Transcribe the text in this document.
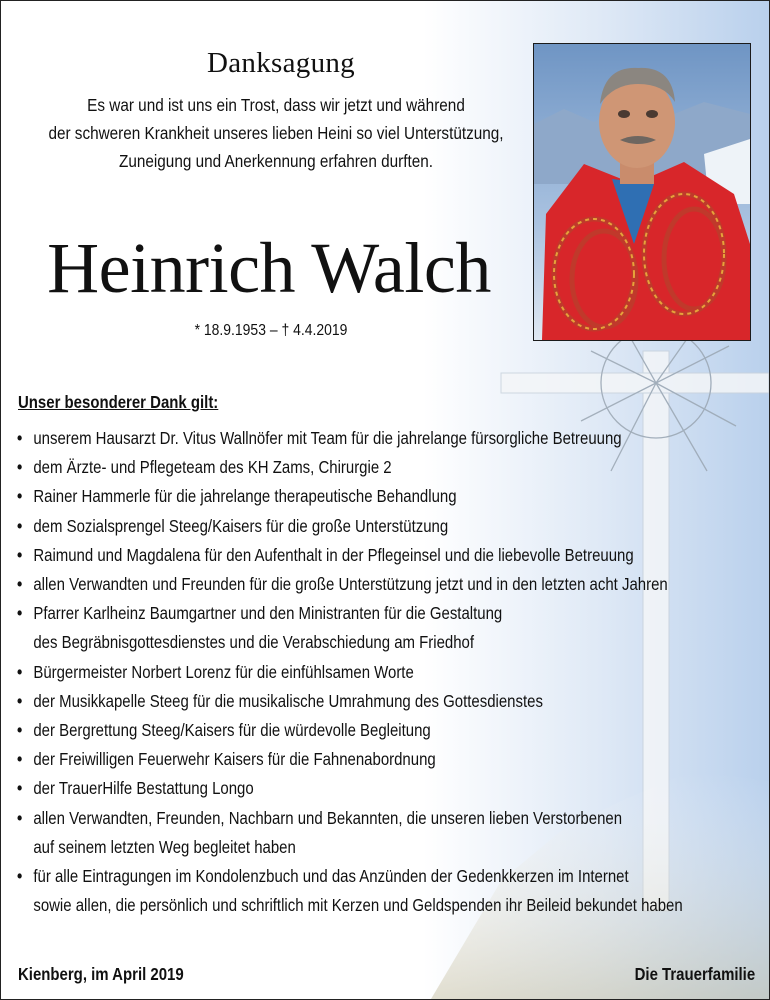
Danksagung
Es war und ist uns ein Trost, dass wir jetzt und während
der schweren Krankheit unseres lieben Heini so viel Unterstützung,
Zuneigung und Anerkennung erfahren durften.
Heinrich Walch
* 18.9.1953 – † 4.4.2019
Unser besonderer Dank gilt:
• unserem Hausarzt Dr. Vitus Wallnöfer mit Team für die jahrelange fürsorgliche Betreuung
• dem Ärzte- und Pflegeteam des KH Zams, Chirurgie 2
• Rainer Hammerle für die jahrelange therapeutische Behandlung
• dem Sozialsprengel Steeg/Kaisers für die große Unterstützung
• Raimund und Magdalena für den Aufenthalt in der Pflegeinsel und die liebevolle Betreuung
• allen Verwandten und Freunden für die große Unterstützung jetzt und in den letzten acht Jahren
• Pfarrer Karlheinz Baumgartner und den Ministranten für die Gestaltung
des Begräbnisgottesdienstes und die Verabschiedung am Friedhof
• Bürgermeister Norbert Lorenz für die einfühlsamen Worte
• der Musikkapelle Steeg für die musikalische Umrahmung des Gottesdienstes
• der Bergrettung Steeg/Kaisers für die würdevolle Begleitung
• der Freiwilligen Feuerwehr Kaisers für die Fahnenabordnung
• der TrauerHilfe Bestattung Longo
• allen Verwandten, Freunden, Nachbarn und Bekannten, die unseren lieben Verstorbenen
auf seinem letzten Weg begleitet haben
• für alle Eintragungen im Kondolenzbuch und das Anzünden der Gedenkkerzen im Internet
sowie allen, die persönlich und schriftlich mit Kerzen und Geldspenden ihr Beileid bekundet haben
Kienberg, im April 2019	Die Trauerfamilie
